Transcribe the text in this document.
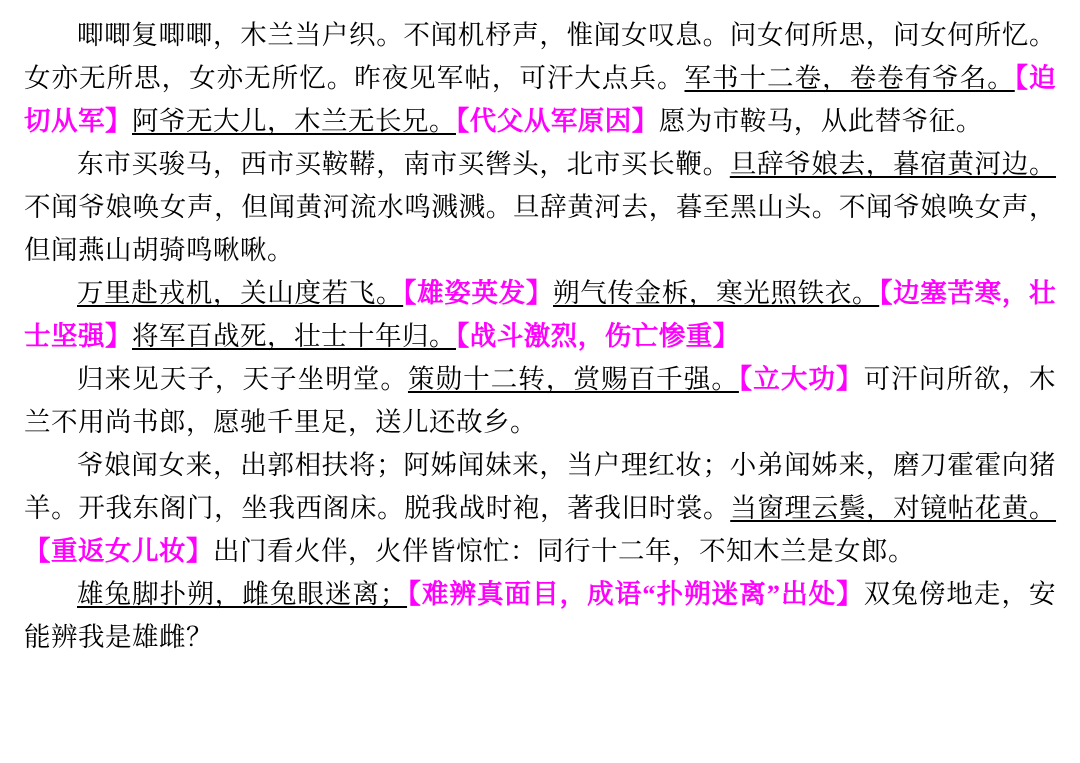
唧唧复唧唧，木兰当户织。不闻机杼声，惟闻女叹息。问女何所思，问女何所忆。女亦无所思，女亦无所忆。昨夜见军帖，可汗大点兵。军书十二卷，卷卷有爷名。【迫切从军】阿爷无大儿，木兰无长兄。【代父从军原因】愿为市鞍马，从此替爷征。
东市买骏马，西市买鞍鞯，南市买辔头，北市买长鞭。旦辞爷娘去，暮宿黄河边。不闻爷娘唤女声，但闻黄河流水鸣溅溅。旦辞黄河去，暮至黑山头。不闻爷娘唤女声，但闻燕山胡骑鸣啾啾。
万里赴戎机，关山度若飞。【雄姿英发】朔气传金柝，寒光照铁衣。【边塞苦寒，壮士坚强】将军百战死，壮士十年归。【战斗激烈，伤亡惨重】
归来见天子，天子坐明堂。策勋十二转，赏赐百千强。【立大功】可汗问所欲，木兰不用尚书郎，愿驰千里足，送儿还故乡。
爷娘闻女来，出郭相扶将；阿姊闻妹来，当户理红妆；小弟闻姊来，磨刀霍霍向猪羊。开我东阁门，坐我西阁床。脱我战时袍，著我旧时裳。当窗理云鬓，对镜帖花黄。【重返女儿妆】出门看火伴，火伴皆惊忙：同行十二年，不知木兰是女郎。
雄兔脚扑朔，雌兔眼迷离；【难辨真面目，成语“扑朔迷离”出处】双兔傍地走，安能辨我是雄雌？
